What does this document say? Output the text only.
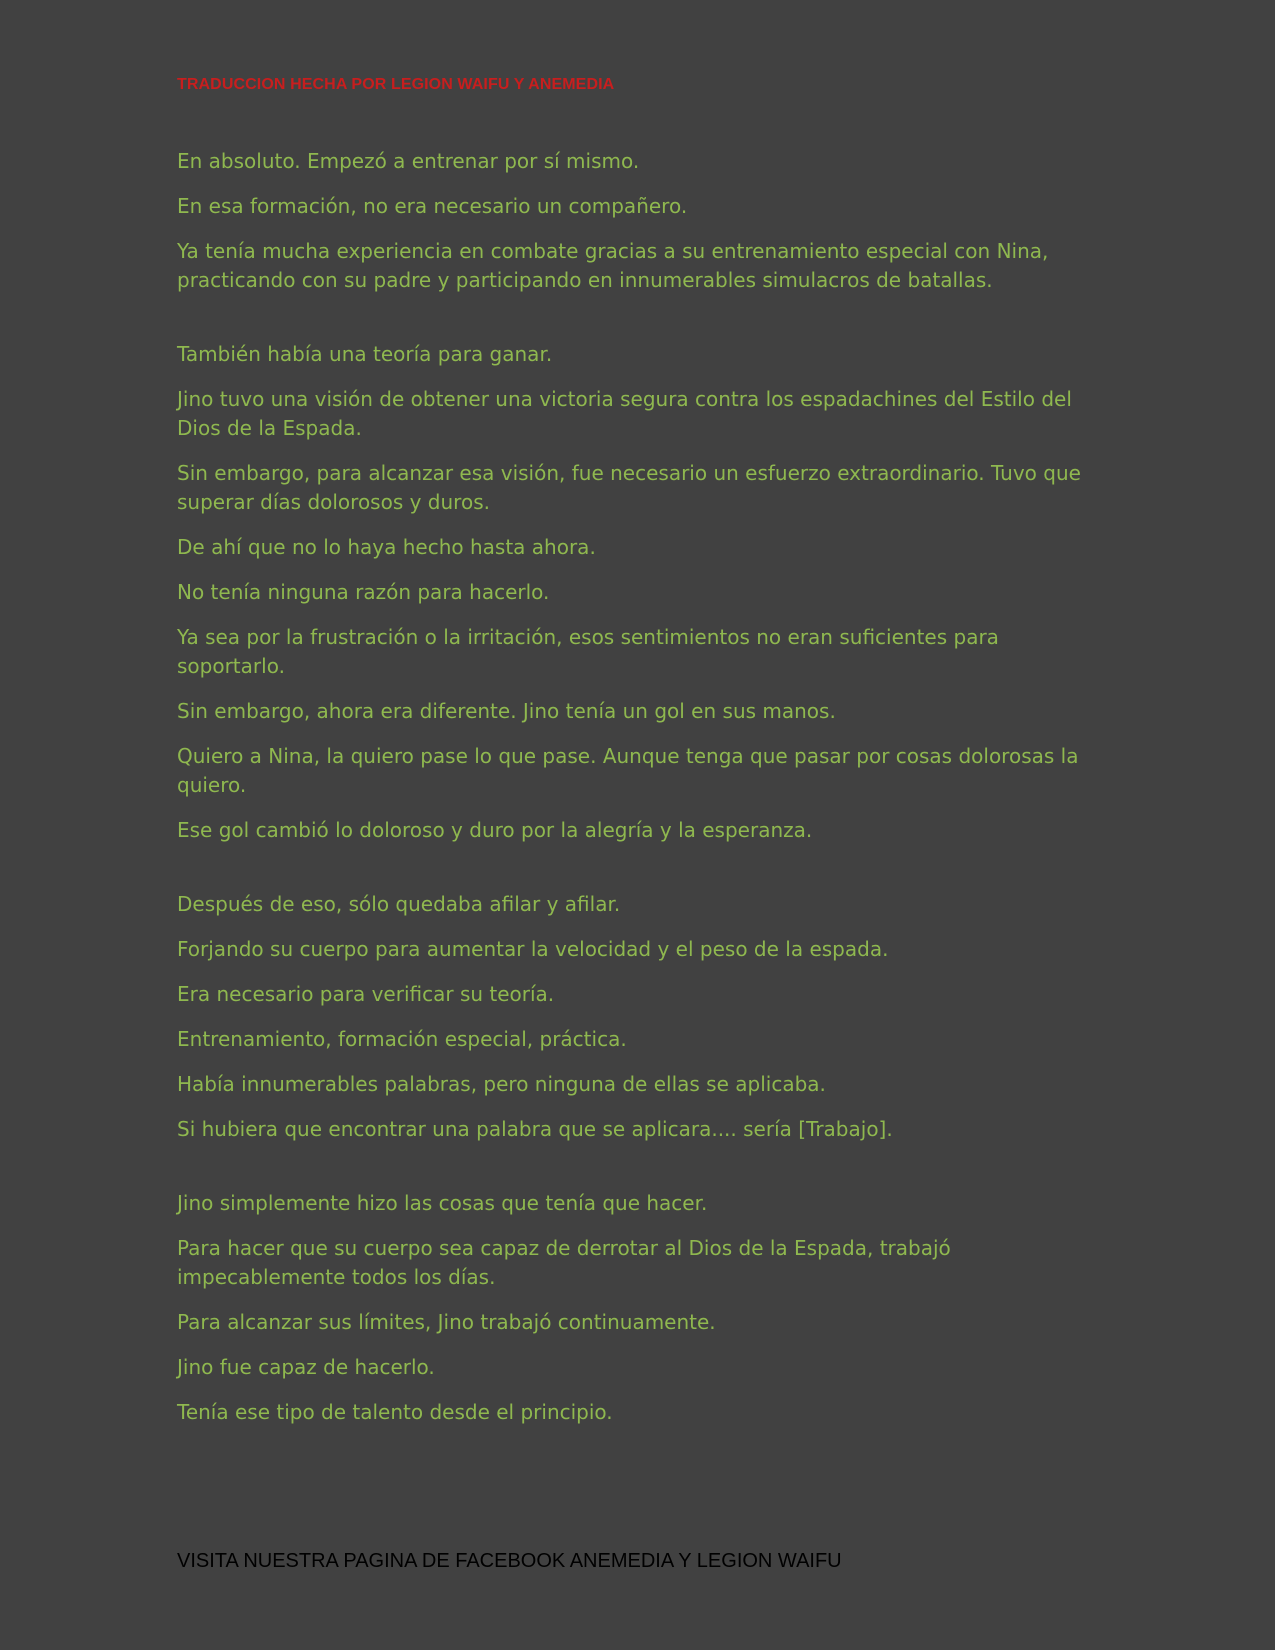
TRADUCCION HECHA POR LEGION WAIFU Y ANEMEDIA

En absoluto. Empezó a entrenar por sí mismo.

En esa formación, no era necesario un compañero.

Ya tenía mucha experiencia en combate gracias a su entrenamiento especial con Nina, practicando con su padre y participando en innumerables simulacros de batallas.

También había una teoría para ganar.

Jino tuvo una visión de obtener una victoria segura contra los espadachines del Estilo del Dios de la Espada.

Sin embargo, para alcanzar esa visión, fue necesario un esfuerzo extraordinario. Tuvo que superar días dolorosos y duros.

De ahí que no lo haya hecho hasta ahora.

No tenía ninguna razón para hacerlo.

Ya sea por la frustración o la irritación, esos sentimientos no eran suficientes para soportarlo.

Sin embargo, ahora era diferente. Jino tenía un gol en sus manos.

Quiero a Nina, la quiero pase lo que pase. Aunque tenga que pasar por cosas dolorosas la quiero.

Ese gol cambió lo doloroso y duro por la alegría y la esperanza.

Después de eso, sólo quedaba afilar y afilar.

Forjando su cuerpo para aumentar la velocidad y el peso de la espada.

Era necesario para verificar su teoría.

Entrenamiento, formación especial, práctica.

Había innumerables palabras, pero ninguna de ellas se aplicaba.

Si hubiera que encontrar una palabra que se aplicara.... sería [Trabajo].

Jino simplemente hizo las cosas que tenía que hacer.

Para hacer que su cuerpo sea capaz de derrotar al Dios de la Espada, trabajó impecablemente todos los días.

Para alcanzar sus límites, Jino trabajó continuamente.

Jino fue capaz de hacerlo.

Tenía ese tipo de talento desde el principio.

VISITA NUESTRA PAGINA DE FACEBOOK ANEMEDIA Y LEGION WAIFU
